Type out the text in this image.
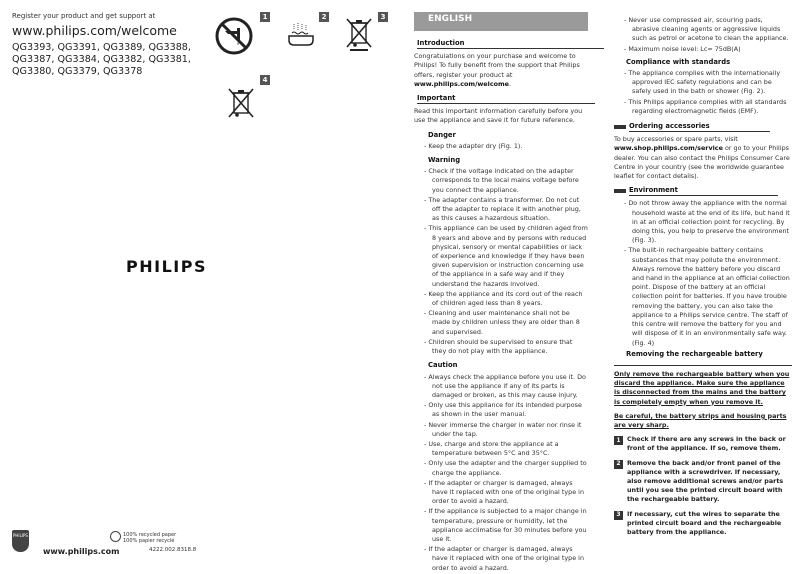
Register your product and get support at
www.philips.com/welcome
QG3393, QG3391, QG3389, QG3388,
QG3387, QG3384, QG3382, QG3381,
QG3380, QG3379, QG3378
PHILIPS
1	2	3
4
PHILIPS
www.philips.com
100% recycled paper
100% papier recyclé
4222.002.8318.8
ENGLISH
Introduction

Congratulations on your purchase and welcome to Philips! To fully benefit from the support that Philips offers, register your product at www.philips.com/welcome.

Important

Read this important information carefully before you use the appliance and save it for future reference.

Danger
- Keep the adapter dry (Fig. 1).
Warning
- Check if the voltage indicated on the adapter corresponds to the local mains voltage before you connect the appliance.
- The adapter contains a transformer. Do not cut off the adapter to replace it with another plug, as this causes a hazardous situation.
- This appliance can be used by children aged from 8 years and above and by persons with reduced physical, sensory or mental capabilities or lack of experience and knowledge if they have been given supervision or instruction concerning use of the appliance in a safe way and if they understand the hazards involved.
- Keep the appliance and its cord out of the reach of children aged less than 8 years.
- Cleaning and user maintenance shall not be made by children unless they are older than 8 and supervised.
- Children should be supervised to ensure that they do not play with the appliance.
Caution
- Always check the appliance before you use it. Do not use the appliance if any of its parts is damaged or broken, as this may cause injury.
- Only use this appliance for its intended purpose as shown in the user manual.
- Never immerse the charger in water nor rinse it under the tap.
- Use, charge and store the appliance at a temperature between 5°C and 35°C.
- Only use the adapter and the charger supplied to charge the appliance.
- If the adapter or charger is damaged, always have it replaced with one of the original type in order to avoid a hazard.
- If the appliance is subjected to a major change in temperature, pressure or humidity, let the appliance acclimatise for 30 minutes before you use it.
- If the adapter or charger is damaged, always have it replaced with one of the original type in order to avoid a hazard.
- Never use compressed air, scouring pads, abrasive cleaning agents or aggressive liquids such as petrol or acetone to clean the appliance.
- Maximum noise level: Lc= 75dB(A)
Compliance with standards
- The appliance complies with the internationally approved IEC safety regulations and can be safely used in the bath or shower (Fig. 2).
- This Philips appliance complies with all standards regarding electromagnetic fields (EMF).
Ordering accessories

To buy accessories or spare parts, visit www.shop.philips.com/service or go to your Philips dealer. You can also contact the Philips Consumer Care Centre in your country (see the worldwide guarantee leaflet for contact details).

Environment
- Do not throw away the appliance with the normal household waste at the end of its life, but hand it in at an official collection point for recycling. By doing this, you help to preserve the environment (Fig. 3).
- The built-in rechargeable battery contains substances that may pollute the environment. Always remove the battery before you discard and hand in the appliance at an official collection point. Dispose of the battery at an official collection point for batteries. If you have trouble removing the battery, you can also take the appliance to a Philips service centre. The staff of this centre will remove the battery for you and will dispose of it in an environmentally safe way. (Fig. 4)
Removing the rechargeable battery

Only remove the rechargeable battery when you discard the appliance. Make sure the appliance is disconnected from the mains and the battery is completely empty when you remove it.

Be careful, the battery strips and housing parts are very sharp.

1	Check if there are any screws in the back or front of the appliance. If so, remove them.
2	Remove the back and/or front panel of the appliance with a screwdriver. If necessary, also remove additional screws and/or parts until you see the printed circuit board with the rechargeable battery.
3	If necessary, cut the wires to separate the printed circuit board and the rechargeable battery from the appliance.
